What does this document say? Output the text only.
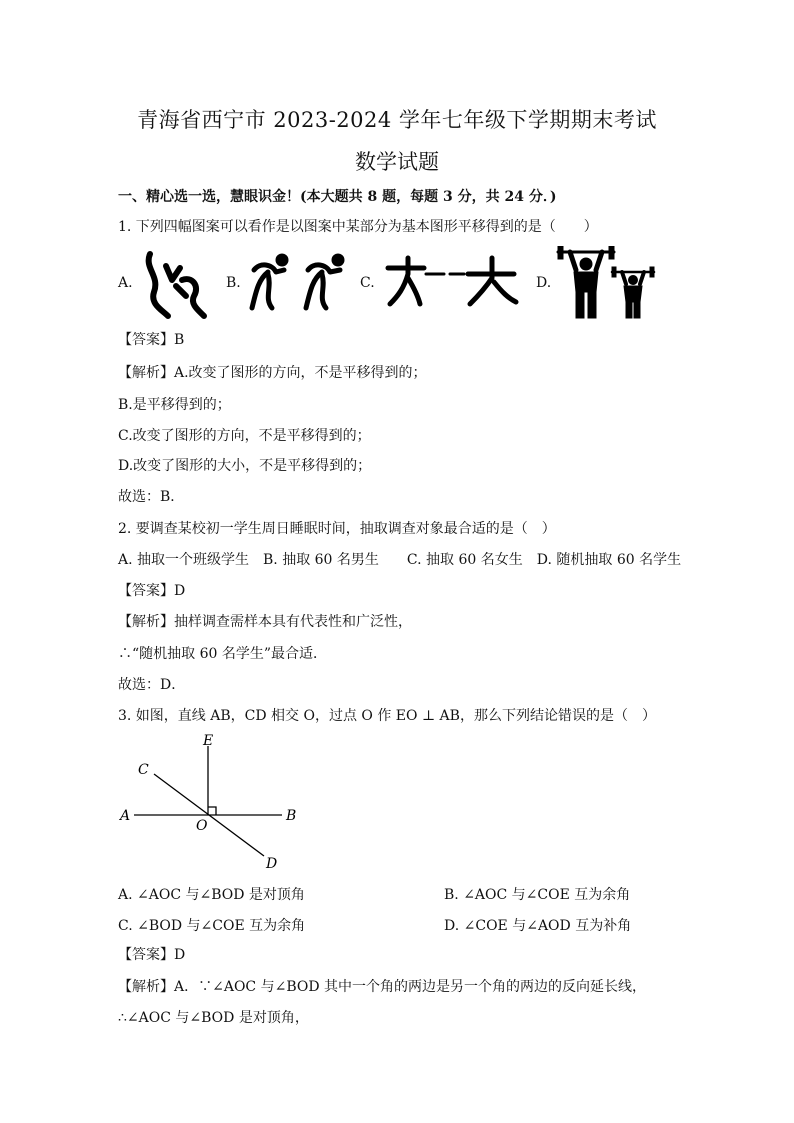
青海省西宁市 2023-2024 学年七年级下学期期末考试
数学试题
一、精心选一选，慧眼识金！(本大题共 8 题，每题 3 分，共 24 分．)
1. 下列四幅图案可以看作是以图案中某部分为基本图形平移得到的是（　　）
A.	B.	C.	D.
【答案】B
【解析】A.改变了图形的方向，不是平移得到的；
B.是平移得到的；
C.改变了图形的方向，不是平移得到的；
D.改变了图形的大小，不是平移得到的；
故选：B．
2. 要调查某校初一学生周日睡眠时间，抽取调查对象最合适的是（　）
A. 抽取一个班级学生　B. 抽取 60 名男生　　C. 抽取 60 名女生　D. 随机抽取 60 名学生
【答案】D
【解析】抽样调查需样本具有代表性和广泛性，
∴“随机抽取 60 名学生”最合适．
故选：D．
3. 如图，直线 AB，CD 相交 O，过点 O 作 EO ⊥ AB，那么下列结论错误的是（　）
E
C
A
O
B
D
A. ∠AOC 与∠BOD 是对顶角	B. ∠AOC 与∠COE 互为余角
C. ∠BOD 与∠COE 互为余角	D. ∠COE 与∠AOD 互为补角
【答案】D
【解析】A．∵∠AOC 与∠BOD 其中一个角的两边是另一个角的两边的反向延长线，
∴∠AOC 与∠BOD 是对顶角，
